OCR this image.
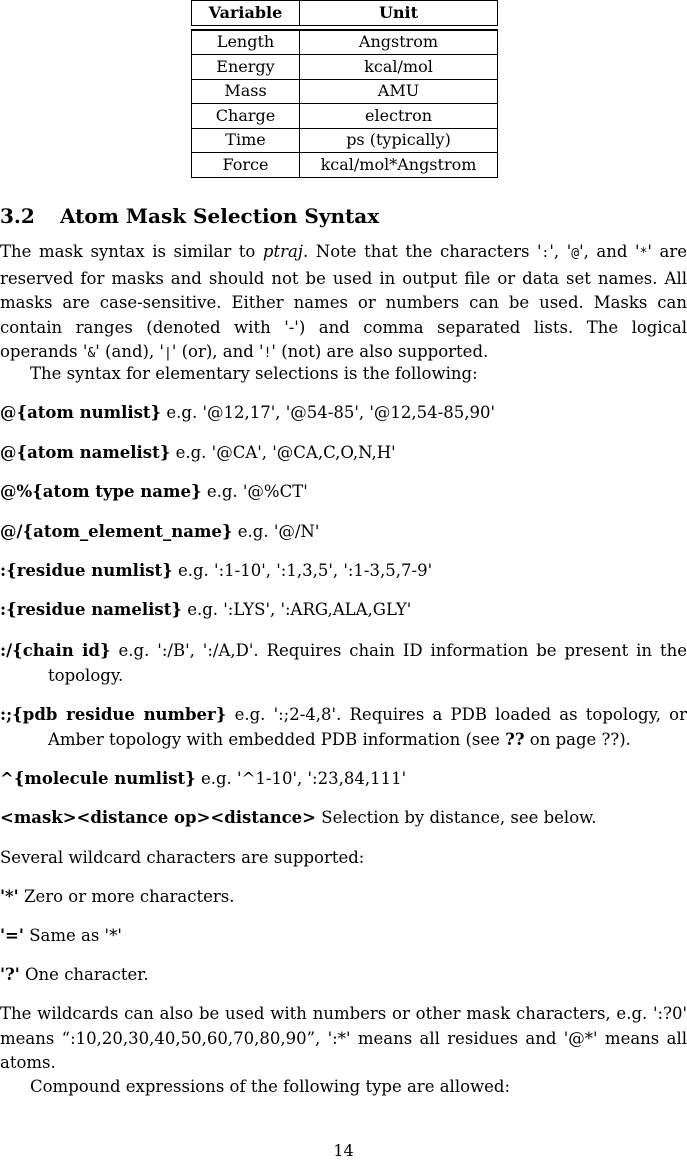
Variable	Unit

Length	Angstrom
Energy	kcal/mol
Mass	AMU
Charge	electron
Time	ps (typically)
Force	kcal/mol*Angstrom
3.2 Atom Mask Selection Syntax

The mask syntax is similar to ptraj. Note that the characters ':', '@', and '*' are reserved for masks and should not be used in output file or data set names. All masks are case-sensitive. Either names or numbers can be used. Masks can contain ranges (denoted with '-') and comma separated lists. The logical operands '&' (and), '|' (or), and '!' (not) are also supported.

The syntax for elementary selections is the following:

@{atom numlist} e.g. '@12,17', '@54-85', '@12,54-85,90'
@{atom namelist} e.g. '@CA', '@CA,C,O,N,H'
@%{atom type name} e.g. '@%CT'
@/{atom_element_name} e.g. '@/N'
:{residue numlist} e.g. ':1-10', ':1,3,5', ':1-3,5,7-9'
:{residue namelist} e.g. ':LYS', ':ARG,ALA,GLY'
:/{chain id} e.g. ':/B', ':/A,D'. Requires chain ID information be present in the topology.
:;{pdb residue number} e.g. ':;2-4,8'. Requires a PDB loaded as topology, or Amber topology with embedded PDB information (see ?? on page ??).
^{molecule numlist} e.g. '^1-10', ':23,84,111'
<mask><distance op><distance> Selection by distance, see below.

Several wildcard characters are supported:

'*' Zero or more characters.
'=' Same as '*'
'?' One character.

The wildcards can also be used with numbers or other mask characters, e.g. ':?0' means “:10,20,30,40,50,60,70,80,90”, ':*' means all residues and '@*' means all atoms.

Compound expressions of the following type are allowed:

14
